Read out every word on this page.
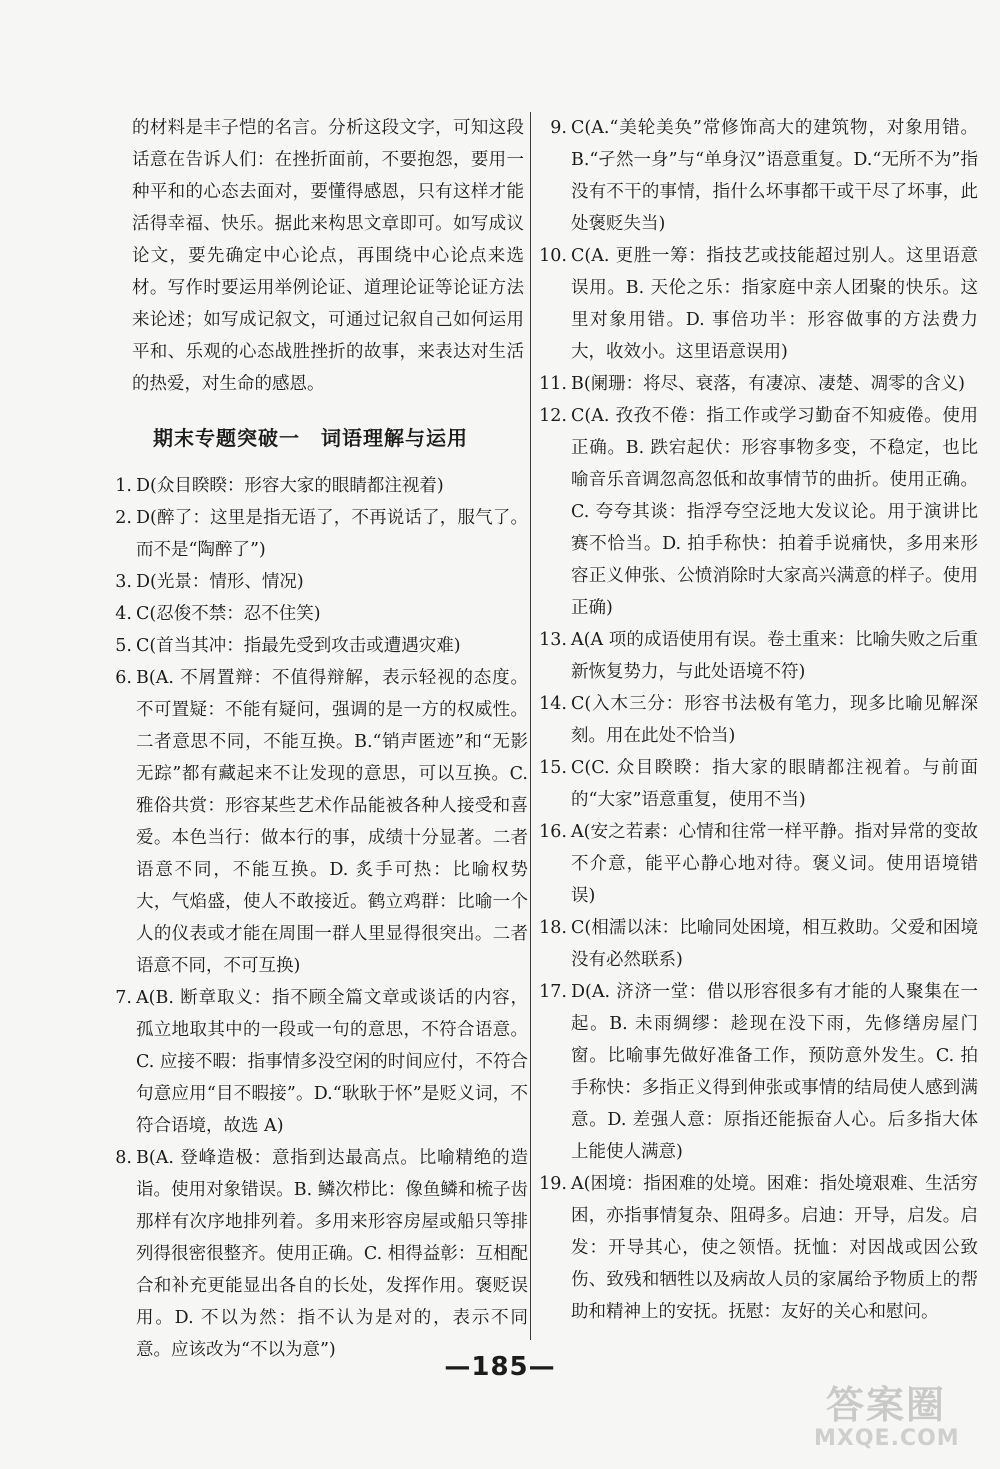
的材料是丰子恺的名言。分析这段文字，可知这段话意在告诉人们：在挫折面前，不要抱怨，要用一种平和的心态去面对，要懂得感恩，只有这样才能活得幸福、快乐。据此来构思文章即可。如写成议论文，要先确定中心论点，再围绕中心论点来选材。写作时要运用举例论证、道理论证等论证方法来论述；如写成记叙文，可通过记叙自己如何运用平和、乐观的心态战胜挫折的故事，来表达对生活的热爱，对生命的感恩。

期末专题突破一　词语理解与运用
1. D(众目睽睽：形容大家的眼睛都注视着)
2. D(醉了：这里是指无语了，不再说话了，服气了。而不是“陶醉了”)
3. D(光景：情形、情况)
4. C(忍俊不禁：忍不住笑)
5. C(首当其冲：指最先受到攻击或遭遇灾难)
6. B(A. 不屑置辩：不值得辩解，表示轻视的态度。不可置疑：不能有疑问，强调的是一方的权威性。二者意思不同，不能互换。B.“销声匿迹”和“无影无踪”都有藏起来不让发现的意思，可以互换。C. 雅俗共赏：形容某些艺术作品能被各种人接受和喜爱。本色当行：做本行的事，成绩十分显著。二者语意不同，不能互换。D. 炙手可热：比喻权势大，气焰盛，使人不敢接近。鹤立鸡群：比喻一个人的仪表或才能在周围一群人里显得很突出。二者语意不同，不可互换)
7. A(B. 断章取义：指不顾全篇文章或谈话的内容，孤立地取其中的一段或一句的意思，不符合语意。C. 应接不暇：指事情多没空闲的时间应付，不符合句意应用“目不暇接”。D.“耿耿于怀”是贬义词，不符合语境，故选 A)
8. B(A. 登峰造极：意指到达最高点。比喻精绝的造诣。使用对象错误。B. 鳞次栉比：像鱼鳞和梳子齿那样有次序地排列着。多用来形容房屋或船只等排列得很密很整齐。使用正确。C. 相得益彰：互相配合和补充更能显出各自的长处，发挥作用。褒贬误用。D. 不以为然：指不认为是对的，表示不同意。应该改为“不以为意”)
9. C(A.“美轮美奂”常修饰高大的建筑物，对象用错。B.“孑然一身”与“单身汉”语意重复。D.“无所不为”指没有不干的事情，指什么坏事都干或干尽了坏事，此处褒贬失当)
10. C(A. 更胜一筹：指技艺或技能超过别人。这里语意误用。B. 天伦之乐：指家庭中亲人团聚的快乐。这里对象用错。D. 事倍功半：形容做事的方法费力大，收效小。这里语意误用)
11. B(阑珊：将尽、衰落，有凄凉、凄楚、凋零的含义)
12. C(A. 孜孜不倦：指工作或学习勤奋不知疲倦。使用正确。B. 跌宕起伏：形容事物多变，不稳定，也比喻音乐音调忽高忽低和故事情节的曲折。使用正确。C. 夸夸其谈：指浮夸空泛地大发议论。用于演讲比赛不恰当。D. 拍手称快：拍着手说痛快，多用来形容正义伸张、公愤消除时大家高兴满意的样子。使用正确)
13. A(A 项的成语使用有误。卷土重来：比喻失败之后重新恢复势力，与此处语境不符)
14. C(入木三分：形容书法极有笔力，现多比喻见解深刻。用在此处不恰当)
15. C(C. 众目睽睽：指大家的眼睛都注视着。与前面的“大家”语意重复，使用不当)
16. A(安之若素：心情和往常一样平静。指对异常的变故不介意，能平心静心地对待。褒义词。使用语境错误)
18. C(相濡以沫：比喻同处困境，相互救助。父爱和困境没有必然联系)
17. D(A. 济济一堂：借以形容很多有才能的人聚集在一起。B. 未雨绸缪：趁现在没下雨，先修缮房屋门窗。比喻事先做好准备工作，预防意外发生。C. 拍手称快：多指正义得到伸张或事情的结局使人感到满意。D. 差强人意：原指还能振奋人心。后多指大体上能使人满意)
19. A(困境：指困难的处境。困难：指处境艰难、生活穷困，亦指事情复杂、阻碍多。启迪：开导，启发。启发：开导其心，使之领悟。抚恤：对因战或因公致伤、致残和牺牲以及病故人员的家属给予物质上的帮助和精神上的安抚。抚慰：友好的关心和慰问。
—185—
答案圈
MXQE.COM
